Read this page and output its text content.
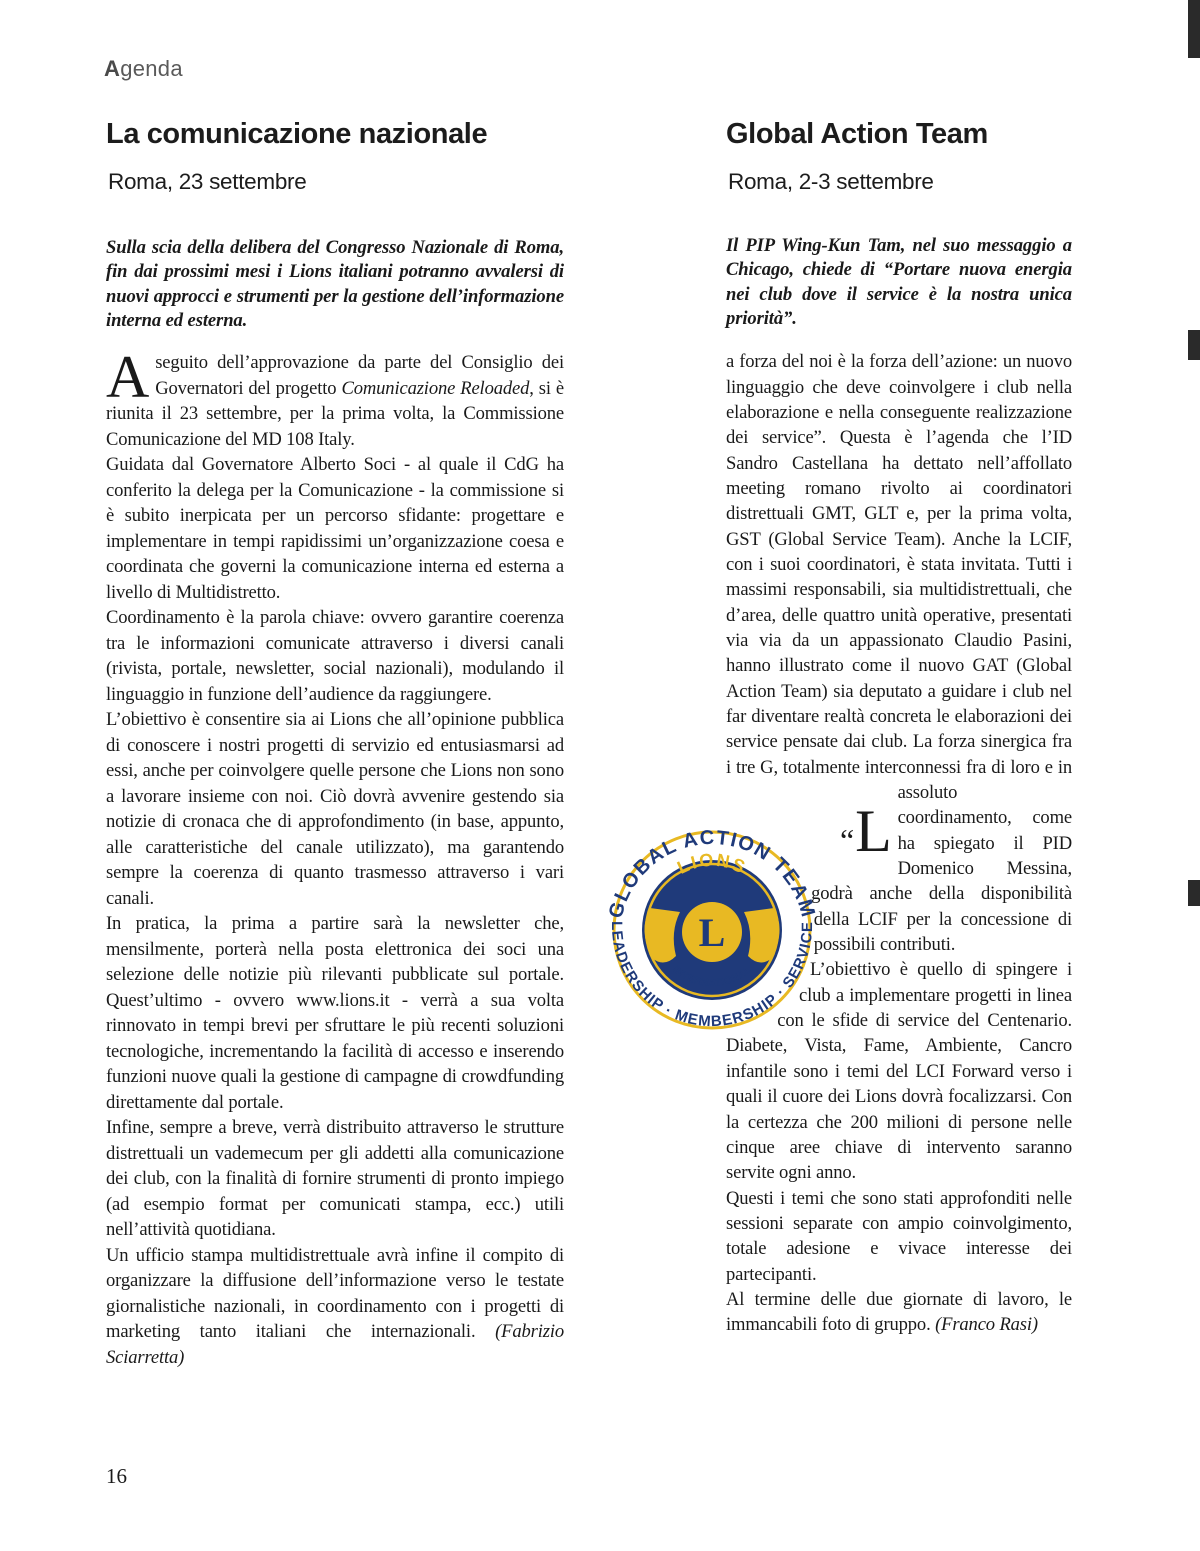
Agenda
La comunicazione nazionale
Roma, 23 settembre
Sulla scia della delibera del Congresso Nazionale di Roma, fin dai prossimi mesi i Lions italiani potranno avvalersi di nuovi approcci e strumenti per la gestione dell’informazione interna ed esterna.

Aseguito dell’approvazione da parte del Consiglio dei Governatori del progetto Comunicazione Reloaded, si è riunita il 23 settembre, per la prima volta, la Commissione Comunicazione del MD 108 Italy.

Guidata dal Governatore Alberto Soci - al quale il CdG ha conferito la delega per la Comunicazione - la commissione si è subito inerpicata per un percorso sfidante: progettare e implementare in tempi rapidissimi un’organizzazione coesa e coordinata che governi la comunicazione interna ed esterna a livello di Multidistretto.

Coordinamento è la parola chiave: ovvero garantire coerenza tra le informazioni comunicate attraverso i diversi canali (rivista, portale, newsletter, social nazionali), modulando il linguaggio in funzione dell’audience da raggiungere.

L’obiettivo è consentire sia ai Lions che all’opinione pubblica di conoscere i nostri progetti di servizio ed entusiasmarsi ad essi, anche per coinvolgere quelle persone che Lions non sono a lavorare insieme con noi. Ciò dovrà avvenire gestendo sia notizie di cronaca che di approfondimento (in base, appunto, alle caratteristiche del canale utilizzato), ma garantendo sempre la coerenza di quanto trasmesso attraverso i vari canali.

In pratica, la prima a partire sarà la newsletter che, mensilmente, porterà nella posta elettronica dei soci una selezione delle notizie più rilevanti pubblicate sul portale. Quest’ultimo - ovvero www.lions.it - verrà a sua volta rinnovato in tempi brevi per sfruttare le più recenti soluzioni tecnologiche, incrementando la facilità di accesso e inserendo funzioni nuove quali la gestione di campagne di crowdfunding direttamente dal portale.

Infine, sempre a breve, verrà distribuito attraverso le strutture distrettuali un vademecum per gli addetti alla comunicazione dei club, con la finalità di fornire strumenti di pronto impiego (ad esempio format per comunicati stampa, ecc.) utili nell’attività quotidiana.

Un ufficio stampa multidistrettuale avrà infine il compito di organizzare la diffusione dell’informazione verso le testate giornalistiche nazionali, in coordinamento con i progetti di marketing tanto italiani che internazionali. (Fabrizio Sciarretta)

Global Action Team
Roma, 2-3 settembre
Il PIP Wing-Kun Tam, nel suo messaggio a Chicago, chiede di “Portare nuova energia nei club dove il service è la nostra unica priorità”.

“L
a forza del noi è la forza dell’azione: un nuovo linguaggio che deve coinvolgere i club nella elaborazione e nella conseguente realizzazione dei service”. Questa è l’agenda che l’ID Sandro Castellana ha dettato nell’affollato meeting romano rivolto ai coordinatori distrettuali GMT, GLT e, per la prima volta, GST (Global Service Team). Anche la LCIF, con i suoi coordinatori, è stata invitata. Tutti i massimi responsabili, sia multidistrettuali, che d’area, delle quattro unità operative, presentati via via da un appassionato Claudio Pasini, hanno illustrato come il nuovo GAT (Global Action Team) sia deputato a guidare i club nel far diventare realtà concreta le elaborazioni dei service pensate dai club. La forza sinergica fra i tre G, totalmente interconnessi fra di loro e in assoluto coordinamento, come ha spiegato il PID Domenico Messina, godrà anche della disponibilità della LCIF per la concessione di possibili contributi.

L’obiettivo è quello di spingere i club a implementare progetti in linea con le sfide di service del Centenario. Diabete, Vista, Fame, Ambiente, Cancro infantile sono i temi del LCI Forward verso i quali il cuore dei Lions dovrà focalizzarsi. Con la certezza che 200 milioni di persone nelle cinque aree chiave di intervento saranno servite ogni anno.

Questi i temi che sono stati approfonditi nelle sessioni separate con ampio coinvolgimento, totale adesione e vivace interesse dei partecipanti.

Al termine delle due giornate di lavoro, le immancabili foto di gruppo. (Franco Rasi)

GLOBAL ACTION TEAM
LEADERSHIP · MEMBERSHIP · SERVICE
LIONS
L
INTERNATIONAL
16
